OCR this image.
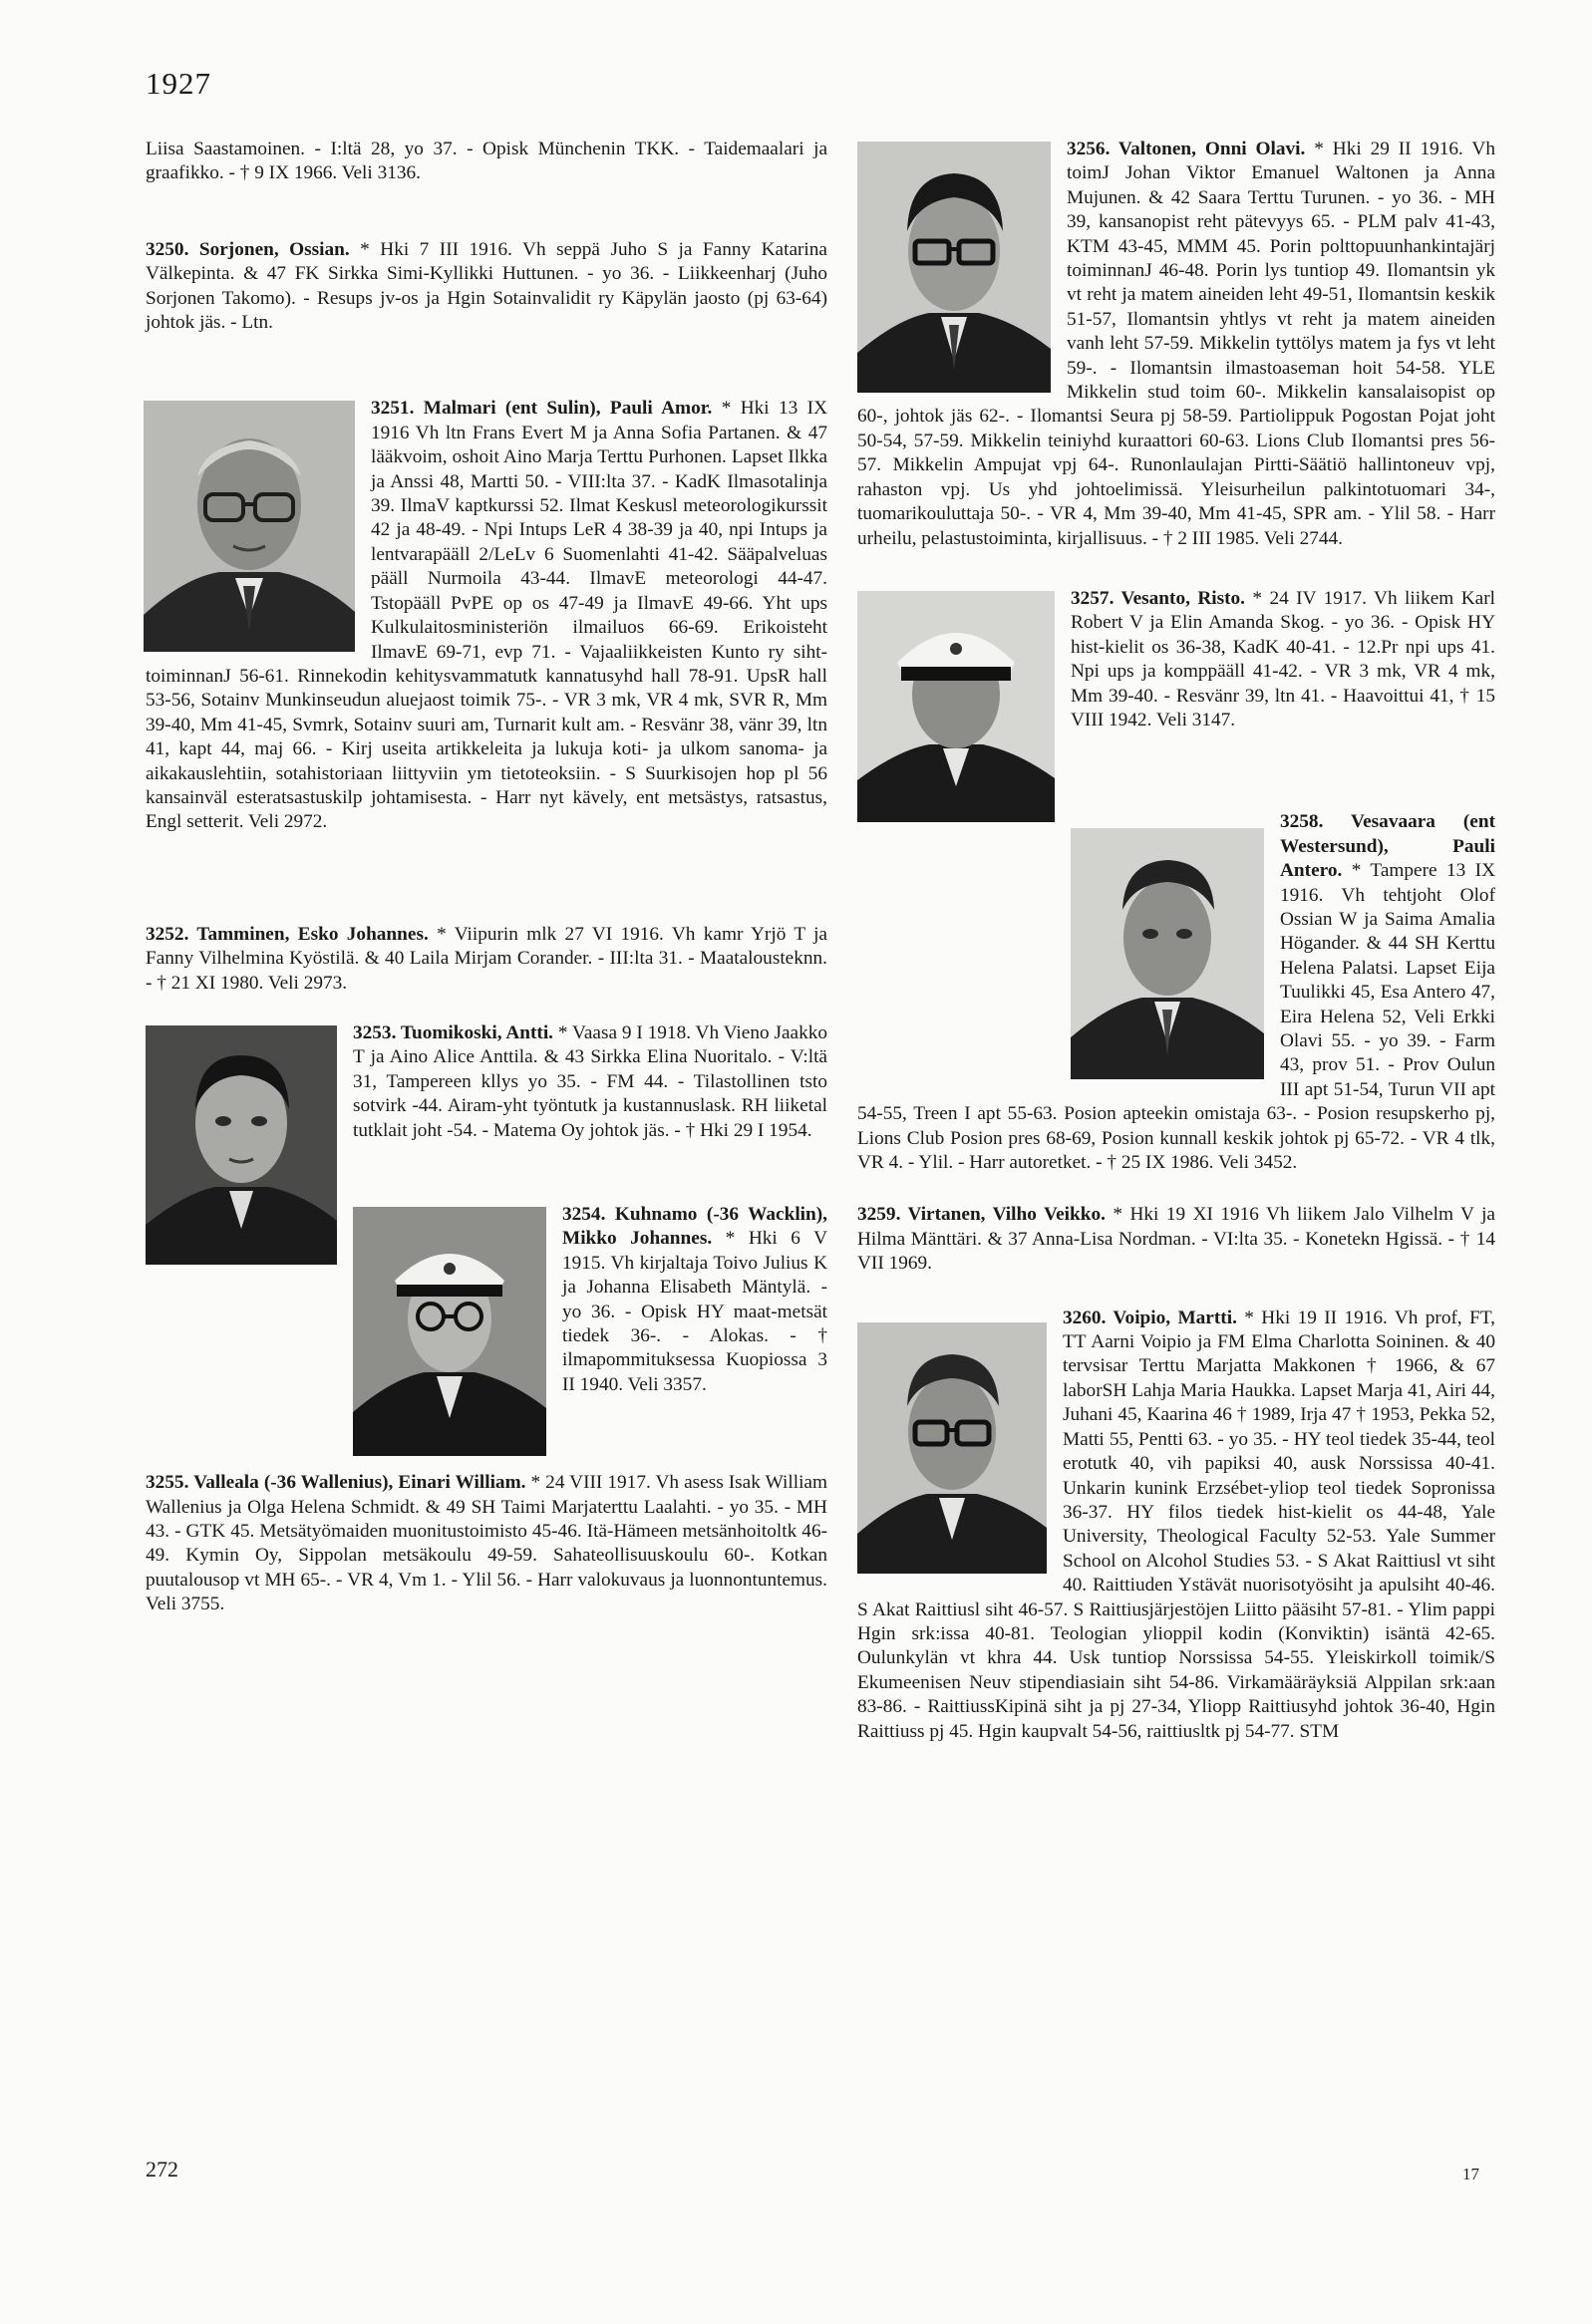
1927

Liisa Saastamoinen. - I:ltä 28, yo 37. - Opisk Münchenin TKK. - Taidemaalari ja graafikko. - † 9 IX 1966. Veli 3136.

3250. Sorjonen, Ossian. * Hki 7 III 1916. Vh seppä Juho S ja Fanny Katarina Välkepinta. & 47 FK Sirkka Simi-Kyllikki Huttunen. - yo 36. - Liikkeenharj (Juho Sorjonen Takomo). - Resups jv-os ja Hgin Sotainvalidit ry Käpylän jaosto (pj 63-64) johtok jäs. - Ltn.

3251. Malmari (ent Sulin), Pauli Amor. * Hki 13 IX 1916 Vh ltn Frans Evert M ja Anna Sofia Partanen. & 47 lääkvoim, oshoit Aino Marja Terttu Purhonen. Lapset Ilkka ja Anssi 48, Martti 50. - VIII:lta 37. - KadK Ilmasotalinja 39. IlmaV kaptkurssi 52. Ilmat Keskusl meteorologikurssit 42 ja 48-49. - Npi Intups LeR 4 38-39 ja 40, npi Intups ja lentvarapääll 2/LeLv 6 Suomenlahti 41-42. Sääpalveluas pääll Nurmoila 43-44. IlmavE meteorologi 44-47. Tstopääll PvPE op os 47-49 ja IlmavE 49-66. Yht ups Kulkulaitosministeriön ilmailuos 66-69. Erikoisteht IlmavE 69-71, evp 71. - Vajaaliikkeisten Kunto ry siht-toiminnanJ 56-61. Rinnekodin kehitysvammatutk kannatusyhd hall 78-91. UpsR hall 53-56, Sotainv Munkinseudun aluejaost toimik 75-. - VR 3 mk, VR 4 mk, SVR R, Mm 39-40, Mm 41-45, Svmrk, Sotainv suuri am, Turnarit kult am. - Resvänr 38, vänr 39, ltn 41, kapt 44, maj 66. - Kirj useita artikkeleita ja lukuja koti- ja ulkom sanoma- ja aikakauslehtiin, sotahistoriaan liittyviin ym tietoteoksiin. - S Suurkisojen hop pl 56 kansainväl esteratsastuskilp johtamisesta. - Harr nyt kävely, ent metsästys, ratsastus, Engl setterit. Veli 2972.

3252. Tamminen, Esko Johannes. * Viipurin mlk 27 VI 1916. Vh kamr Yrjö T ja Fanny Vilhelmina Kyöstilä. & 40 Laila Mirjam Corander. - III:lta 31. - Maatalousteknn. - † 21 XI 1980. Veli 2973.

3253. Tuomikoski, Antti. * Vaasa 9 I 1918. Vh Vieno Jaakko T ja Aino Alice Anttila. & 43 Sirkka Elina Nuoritalo. - V:ltä 31, Tampereen kllys yo 35. - FM 44. - Tilastollinen tsto sotvirk -44. Airam-yht työntutk ja kustannuslask. RH liiketal tutklait joht -54. - Matema Oy johtok jäs. - † Hki 29 I 1954.

3254. Kuhnamo (-36 Wacklin), Mikko Johannes. * Hki 6 V 1915. Vh kirjaltaja Toivo Julius K ja Johanna Elisabeth Mäntylä. - yo 36. - Opisk HY maat-metsät tiedek 36-. - Alokas. - † ilmapommituksessa Kuopiossa 3 II 1940. Veli 3357.

3255. Valleala (-36 Wallenius), Einari William. * 24 VIII 1917. Vh asess Isak William Wallenius ja Olga Helena Schmidt. & 49 SH Taimi Marjaterttu Laalahti. - yo 35. - MH 43. - GTK 45. Metsätyömaiden muonitustoimisto 45-46. Itä-Hämeen metsänhoitoltk 46-49. Kymin Oy, Sippolan metsäkoulu 49-59. Sahateollisuuskoulu 60-. Kotkan puutalousop vt MH 65-. - VR 4, Vm 1. - Ylil 56. - Harr valokuvaus ja luonnontuntemus. Veli 3755.

3256. Valtonen, Onni Olavi. * Hki 29 II 1916. Vh toimJ Johan Viktor Emanuel Waltonen ja Anna Mujunen. & 42 Saara Terttu Turunen. - yo 36. - MH 39, kansanopist reht pätevyys 65. - PLM palv 41-43, KTM 43-45, MMM 45. Porin polttopuunhankintajärj toiminnanJ 46-48. Porin lys tuntiop 49. Ilomantsin yk vt reht ja matem aineiden leht 49-51, Ilomantsin keskik 51-57, Ilomantsin yhtlys vt reht ja matem aineiden vanh leht 57-59. Mikkelin tyttölys matem ja fys vt leht 59-. - Ilomantsin ilmastoaseman hoit 54-58. YLE Mikkelin stud toim 60-. Mikkelin kansalaisopist op 60-, johtok jäs 62-. - Ilomantsi Seura pj 58-59. Partiolippuk Pogostan Pojat joht 50-54, 57-59. Mikkelin teiniyhd kuraattori 60-63. Lions Club Ilomantsi pres 56-57. Mikkelin Ampujat vpj 64-. Runonlaulajan Pirtti-Säätiö hallintoneuv vpj, rahaston vpj. Us yhd johtoelimissä. Yleisurheilun palkintotuomari 34-, tuomarikouluttaja 50-. - VR 4, Mm 39-40, Mm 41-45, SPR am. - Ylil 58. - Harr urheilu, pelastustoiminta, kirjallisuus. - † 2 III 1985. Veli 2744.

3257. Vesanto, Risto. * 24 IV 1917. Vh liikem Karl Robert V ja Elin Amanda Skog. - yo 36. - Opisk HY hist-kielit os 36-38, KadK 40-41. - 12.Pr npi ups 41. Npi ups ja komppääll 41-42. - VR 3 mk, VR 4 mk, Mm 39-40. - Resvänr 39, ltn 41. - Haavoittui 41, † 15 VIII 1942. Veli 3147.

3258. Vesavaara (ent Westersund), Pauli Antero. * Tampere 13 IX 1916. Vh tehtjoht Olof Ossian W ja Saima Amalia Högander. & 44 SH Kerttu Helena Palatsi. Lapset Eija Tuulikki 45, Esa Antero 47, Eira Helena 52, Veli Erkki Olavi 55. - yo 39. - Farm 43, prov 51. - Prov Oulun III apt 51-54, Turun VII apt 54-55, Treen I apt 55-63. Posion apteekin omistaja 63-. - Posion resupskerho pj, Lions Club Posion pres 68-69, Posion kunnall keskik johtok pj 65-72. - VR 4 tlk, VR 4. - Ylil. - Harr autoretket. - † 25 IX 1986. Veli 3452.

3259. Virtanen, Vilho Veikko. * Hki 19 XI 1916 Vh liikem Jalo Vilhelm V ja Hilma Mänttäri. & 37 Anna-Lisa Nordman. - VI:lta 35. - Konetekn Hgissä. - † 14 VII 1969.

3260. Voipio, Martti. * Hki 19 II 1916. Vh prof, FT, TT Aarni Voipio ja FM Elma Charlotta Soininen. & 40 tervsisar Terttu Marjatta Makkonen † 1966, & 67 laborSH Lahja Maria Haukka. Lapset Marja 41, Airi 44, Juhani 45, Kaarina 46 † 1989, Irja 47 † 1953, Pekka 52, Matti 55, Pentti 63. - yo 35. - HY teol tiedek 35-44, teol erotutk 40, vih papiksi 40, ausk Norssissa 40-41. Unkarin kunink Erzsébet-yliop teol tiedek Sopronissa 36-37. HY filos tiedek hist-kielit os 44-48, Yale University, Theological Faculty 52-53. Yale Summer School on Alcohol Studies 53. - S Akat Raittiusl vt siht 40. Raittiuden Ystävät nuorisotyösiht ja apulsiht 40-46. S Akat Raittiusl siht 46-57. S Raittiusjärjestöjen Liitto pääsiht 57-81. - Ylim pappi Hgin srk:issa 40-81. Teologian ylioppil kodin (Konviktin) isäntä 42-65. Oulunkylän vt khra 44. Usk tuntiop Norssissa 54-55. Yleiskirkoll toimik/S Ekumeenisen Neuv stipendiasiain siht 54-86. Virkamääräyksiä Alppilan srk:aan 83-86. - RaittiussKipinä siht ja pj 27-34, Yliopp Raittiusyhd johtok 36-40, Hgin Raittiuss pj 45. Hgin kaupvalt 54-56, raittiusltk pj 54-77. STM

272	17
